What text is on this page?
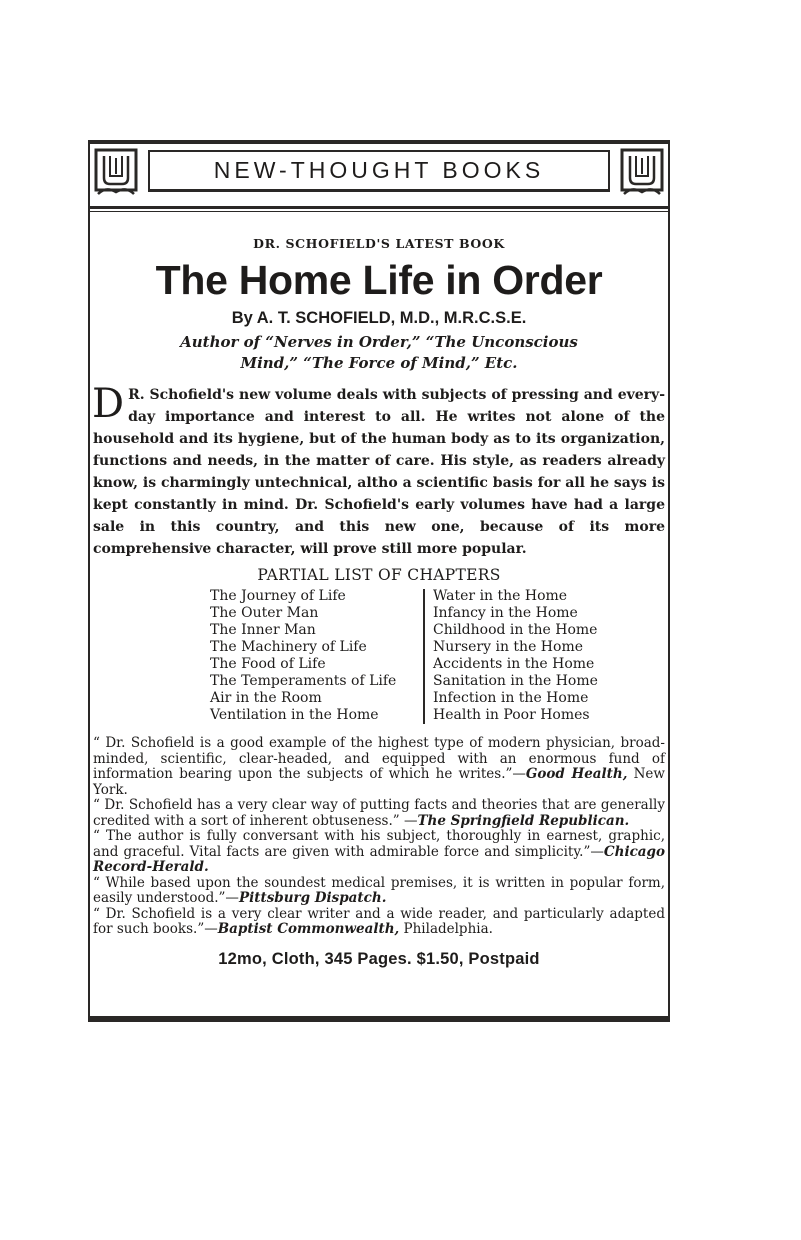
NEW-THOUGHT BOOKS
DR. SCHOFIELD'S LATEST BOOK
The Home Life in Order
By A. T. SCHOFIELD, M.D., M.R.C.S.E.
Author of “Nerves in Order,” “The Unconscious
Mind,” “The Force of Mind,” Etc.
D R. Schofield's new volume deals with subjects of pressing and every-day importance and interest to all. He writes not alone of the household and its hygiene, but of the human body as to its organization, functions and needs, in the matter of care. His style, as readers already know, is charmingly untechnical, altho a scientific basis for all he says is kept constantly in mind. Dr. Schofield's early volumes have had a large sale in this country, and this new one, because of its more comprehensive character, will prove still more popular.
PARTIAL LIST OF CHAPTERS
The Journey of Life
The Outer Man
The Inner Man
The Machinery of Life
The Food of Life
The Temperaments of Life
Air in the Room
Ventilation in the Home
Water in the Home
Infancy in the Home
Childhood in the Home
Nursery in the Home
Accidents in the Home
Sanitation in the Home
Infection in the Home
Health in Poor Homes
“ Dr. Schofield is a good example of the highest type of modern physician, broad-minded, scientific, clear-headed, and equipped with an enormous fund of information bearing upon the subjects of which he writes.”—Good Health, New York.
“ Dr. Schofield has a very clear way of putting facts and theories that are generally credited with a sort of inherent obtuseness.” —The Springfield Republican.
“ The author is fully conversant with his subject, thoroughly in earnest, graphic, and graceful. Vital facts are given with admirable force and simplicity.”—Chicago Record-Herald.
“ While based upon the soundest medical premises, it is written in popular form, easily understood.”—Pittsburg Dispatch.
“ Dr. Schofield is a very clear writer and a wide reader, and particularly adapted for such books.”—Baptist Commonwealth, Philadelphia.
12mo, Cloth, 345 Pages. $1.50, Postpaid
